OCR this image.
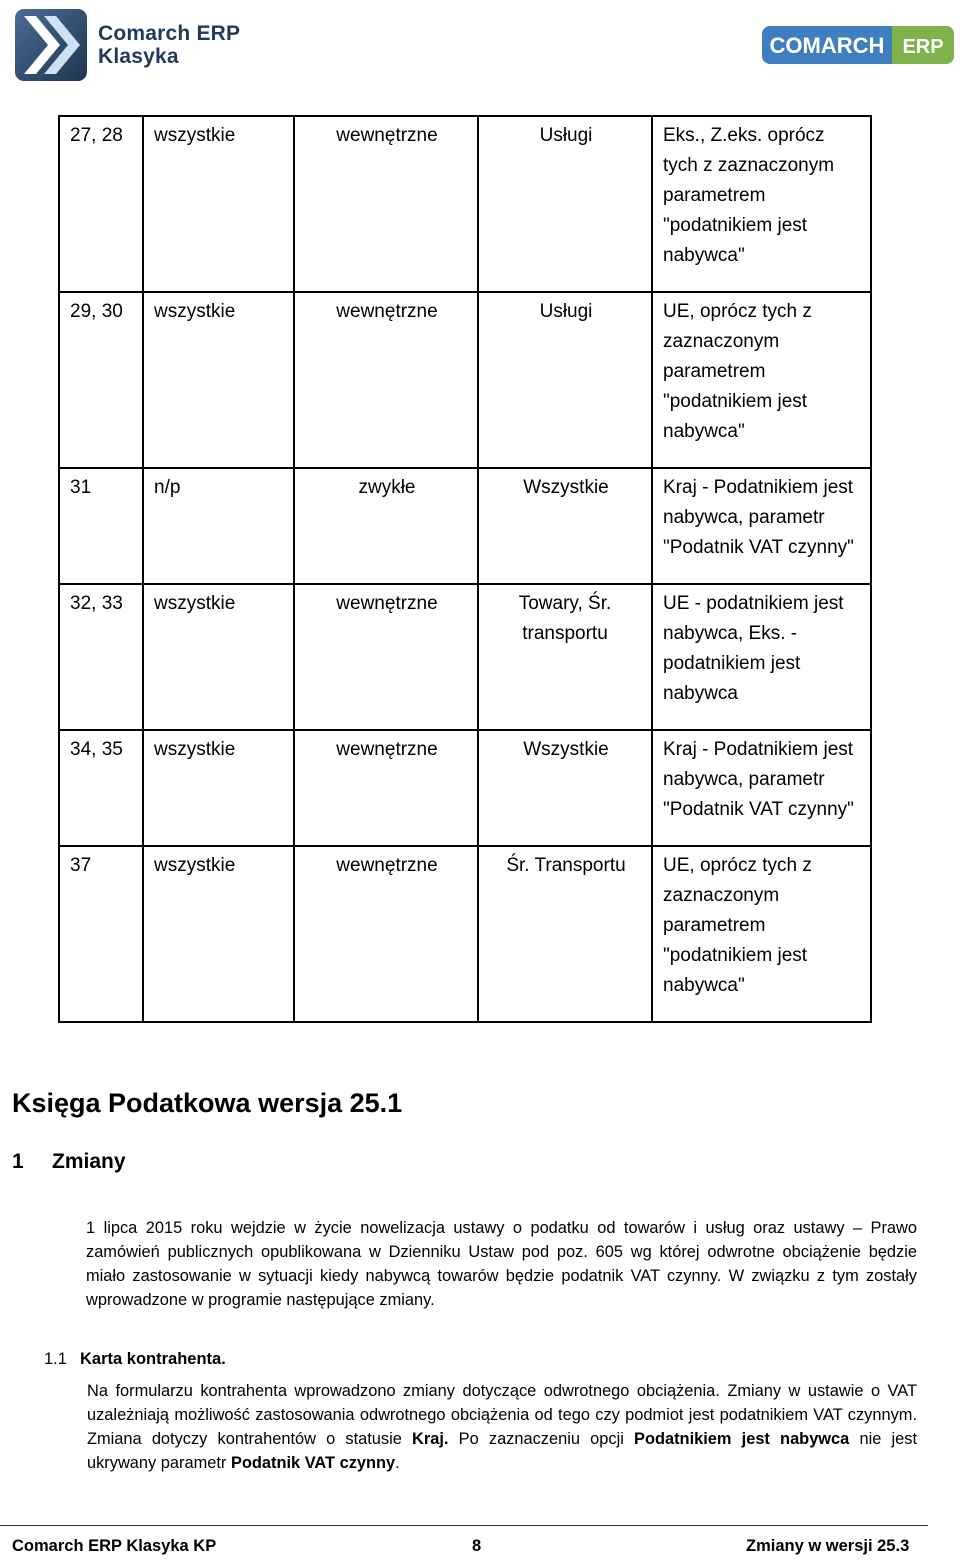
Comarch ERP
Klasyka	COMARCH ERP
27, 28	wszystkie	wewnętrzne	Usługi	Eks., Z.eks. oprócz tych z zaznaczonym parametrem "podatnikiem jest nabywca"
29, 30	wszystkie	wewnętrzne	Usługi	UE, oprócz tych z zaznaczonym parametrem "podatnikiem jest nabywca"
31	n/p	zwykłe	Wszystkie	Kraj - Podatnikiem jest nabywca, parametr "Podatnik VAT czynny"
32, 33	wszystkie	wewnętrzne	Towary, Śr. transportu	UE - podatnikiem jest nabywca, Eks. - podatnikiem jest nabywca
34, 35	wszystkie	wewnętrzne	Wszystkie	Kraj - Podatnikiem jest nabywca, parametr "Podatnik VAT czynny"
37	wszystkie	wewnętrzne	Śr. Transportu	UE, oprócz tych z zaznaczonym parametrem "podatnikiem jest nabywca"
Księga Podatkowa wersja 25.1
1 Zmiany

1 lipca 2015 roku wejdzie w życie nowelizacja ustawy o podatku od towarów i usług oraz ustawy – Prawo zamówień publicznych opublikowana w Dzienniku Ustaw pod poz. 605 wg której odwrotne obciążenie będzie miało zastosowanie w sytuacji kiedy nabywcą towarów będzie podatnik VAT czynny. W związku z tym zostały wprowadzone w programie następujące zmiany.

1.1 Karta kontrahenta.

Na formularzu kontrahenta wprowadzono zmiany dotyczące odwrotnego obciążenia. Zmiany w ustawie o VAT uzależniają możliwość zastosowania odwrotnego obciążenia od tego czy podmiot jest podatnikiem VAT czynnym. Zmiana dotyczy kontrahentów o statusie Kraj. Po zaznaczeniu opcji Podatnikiem jest nabywca nie jest ukrywany parametr Podatnik VAT czynny.

Comarch ERP Klasyka KP	8	Zmiany w wersji 25.3
